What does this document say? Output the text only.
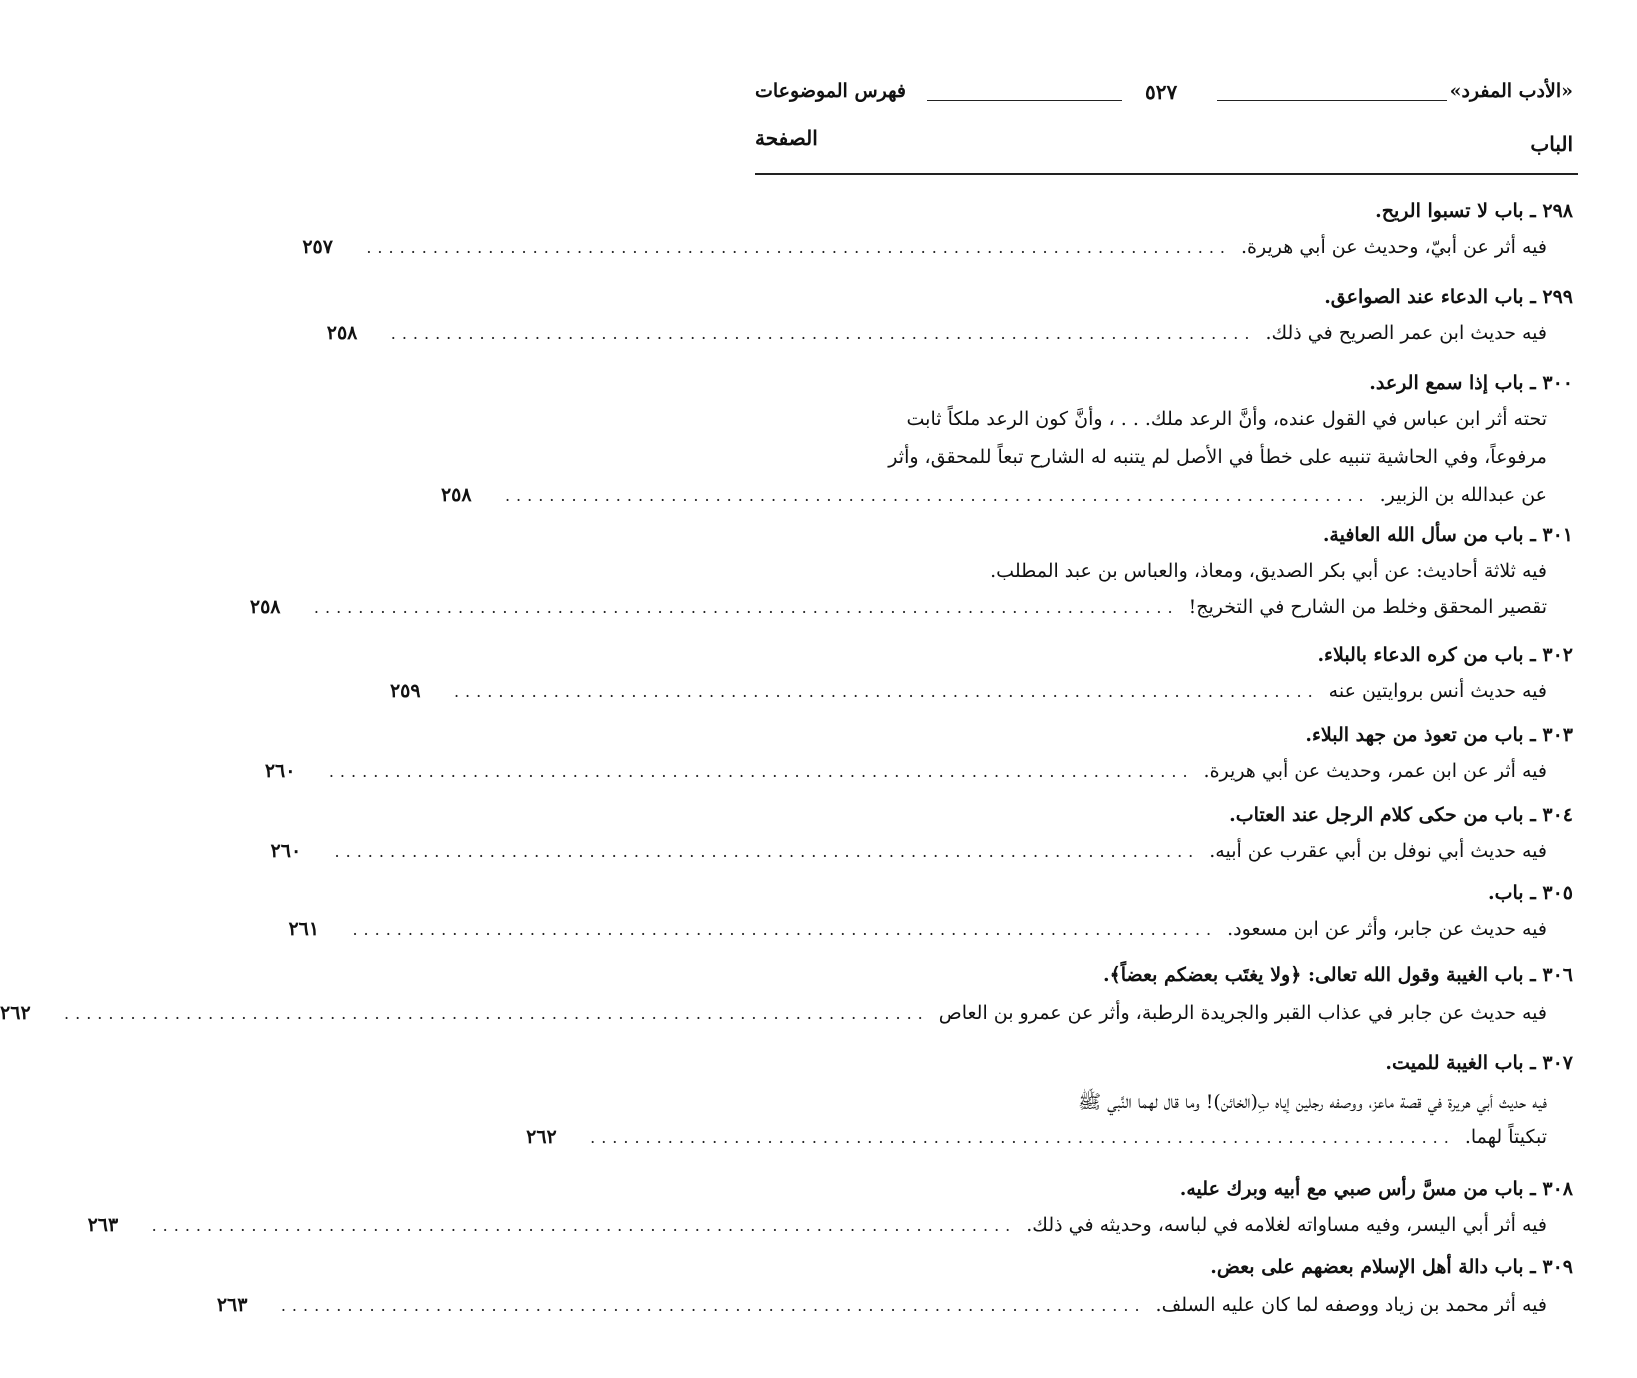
«الأدب المفرد»
٥٢٧
فهرس الموضوعات
الباب
الصفحة
٢٩٨ ـ باب لا تسبوا الريح.
فيه أثر عن أبيّ، وحديث عن أبي هريرة.
..............................................................................
٢٥٧
٢٩٩ ـ باب الدعاء عند الصواعق.
فيه حديث ابن عمر الصريح في ذلك.
..............................................................................
٢٥٨
٣٠٠ ـ باب إذا سمع الرعد.
تحته أثر ابن عباس في القول عنده، وأنَّ الرعد ملك. . . ، وأنَّ كون الرعد ملكاً ثابت
مرفوعاً، وفي الحاشية تنبيه على خطأ في الأصل لم يتنبه له الشارح تبعاً للمحقق، وأثر
عن عبدالله بن الزبير.
..............................................................................
٢٥٨
٣٠١ ـ باب من سأل الله العافية.
فيه ثلاثة أحاديث: عن أبي بكر الصديق، ومعاذ، والعباس بن عبد المطلب.
تقصير المحقق وخلط من الشارح في التخريج!
..............................................................................
٢٥٨
٣٠٢ ـ باب من كره الدعاء بالبلاء.
فيه حديث أنس بروايتين عنه
..............................................................................
٢٥٩
٣٠٣ ـ باب من تعوذ من جهد البلاء.
فيه أثر عن ابن عمر، وحديث عن أبي هريرة.
..............................................................................
٢٦٠
٣٠٤ ـ باب من حكى كلام الرجل عند العتاب.
فيه حديث أبي نوفل بن أبي عقرب عن أبيه.
..............................................................................
٢٦٠
٣٠٥ ـ باب.
فيه حديث عن جابر، وأثر عن ابن مسعود.
..............................................................................
٢٦١
٣٠٦ ـ باب الغيبة وقول الله تعالى: ﴿ولا يغتَب بعضكم بعضاً﴾.
فيه حديث عن جابر في عذاب القبر والجريدة الرطبة، وأثر عن عمرو بن العاص
..............................................................................
٢٦٢
٣٠٧ ـ باب الغيبة للميت.
فيه حديث أبي هريرة في قصة ماعز، ووصفه رجلين إياه بِ(الخائن)! وما قال لهما النَّبي ﷺ
تبكيتاً لهما.
..............................................................................
٢٦٢
٣٠٨ ـ باب من مسَّ رأس صبي مع أبيه وبرك عليه.
فيه أثر أبي اليسر، وفيه مساواته لغلامه في لباسه، وحديثه في ذلك.
..............................................................................
٢٦٣
٣٠٩ ـ باب دالة أهل الإسلام بعضهم على بعض.
فيه أثر محمد بن زياد ووصفه لما كان عليه السلف.
..............................................................................
٢٦٣
